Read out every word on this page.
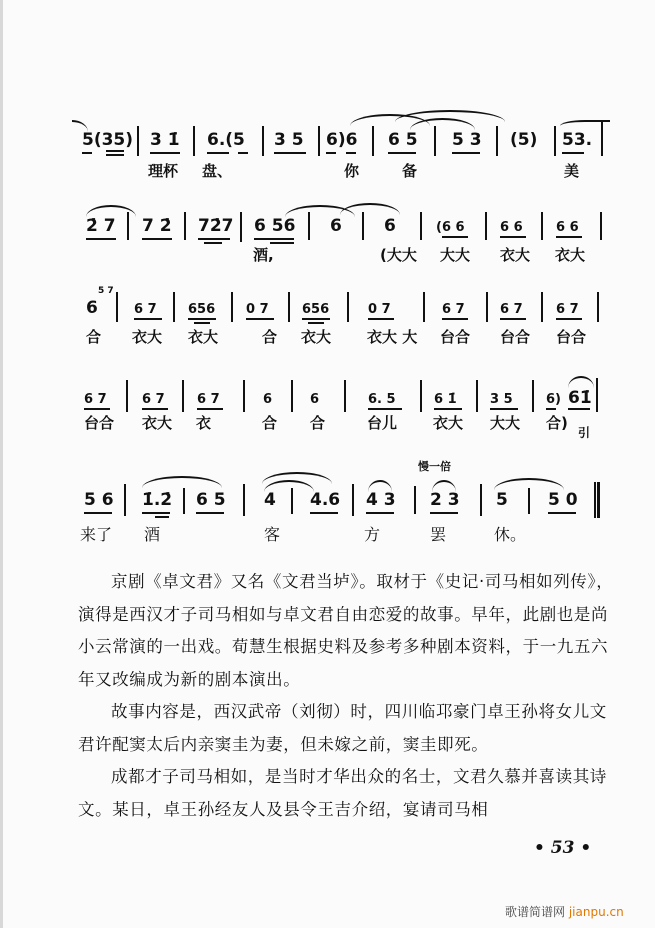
5(35) 3 1̇ 6.(5 3 5 6)6 6 5 5 3 (5) 53.
理杯 盘、	你	备	美
2̇ 7 7 2̇ 72̇7 6 56 6 6	(6 6	6 6	6 6
酒,	(大大 大大 衣大 衣大
6
5 7
6 7 656 0 7	656	0 7	6 7	6 7	6 7
合 衣大 衣大	合 衣大 衣大 大 台合 台合 台合
6 7	6 7 6 7	6	6	6. 5	6 1̇	3 5	6) 61̇
台合 衣大 衣	合 合	台儿 衣大 大大 合)
引
慢一倍
5 6 1̇.2̇ 6 5 4 4.6 4 3 2 3 5 5 0
来了 酒	客	方	罢	休。

京剧《卓文君》又名《文君当垆》。取材于《史记·司马相如列传》，演得是西汉才子司马相如与卓文君自由恋爱的故事。早年，此剧也是尚小云常演的一出戏。荀慧生根据史料及参考多种剧本资料，于一九五六年又改编成为新的剧本演出。

故事内容是，西汉武帝（刘彻）时，四川临邛豪门卓王孙将女儿文君许配窦太后内亲窦圭为妻，但未嫁之前，窦圭即死。

成都才子司马相如，是当时才华出众的名士，文君久慕并喜读其诗文。某日，卓王孙经友人及县令王吉介绍，宴请司马相

• 53 •
歌谱简谱网 jianpu.cn
